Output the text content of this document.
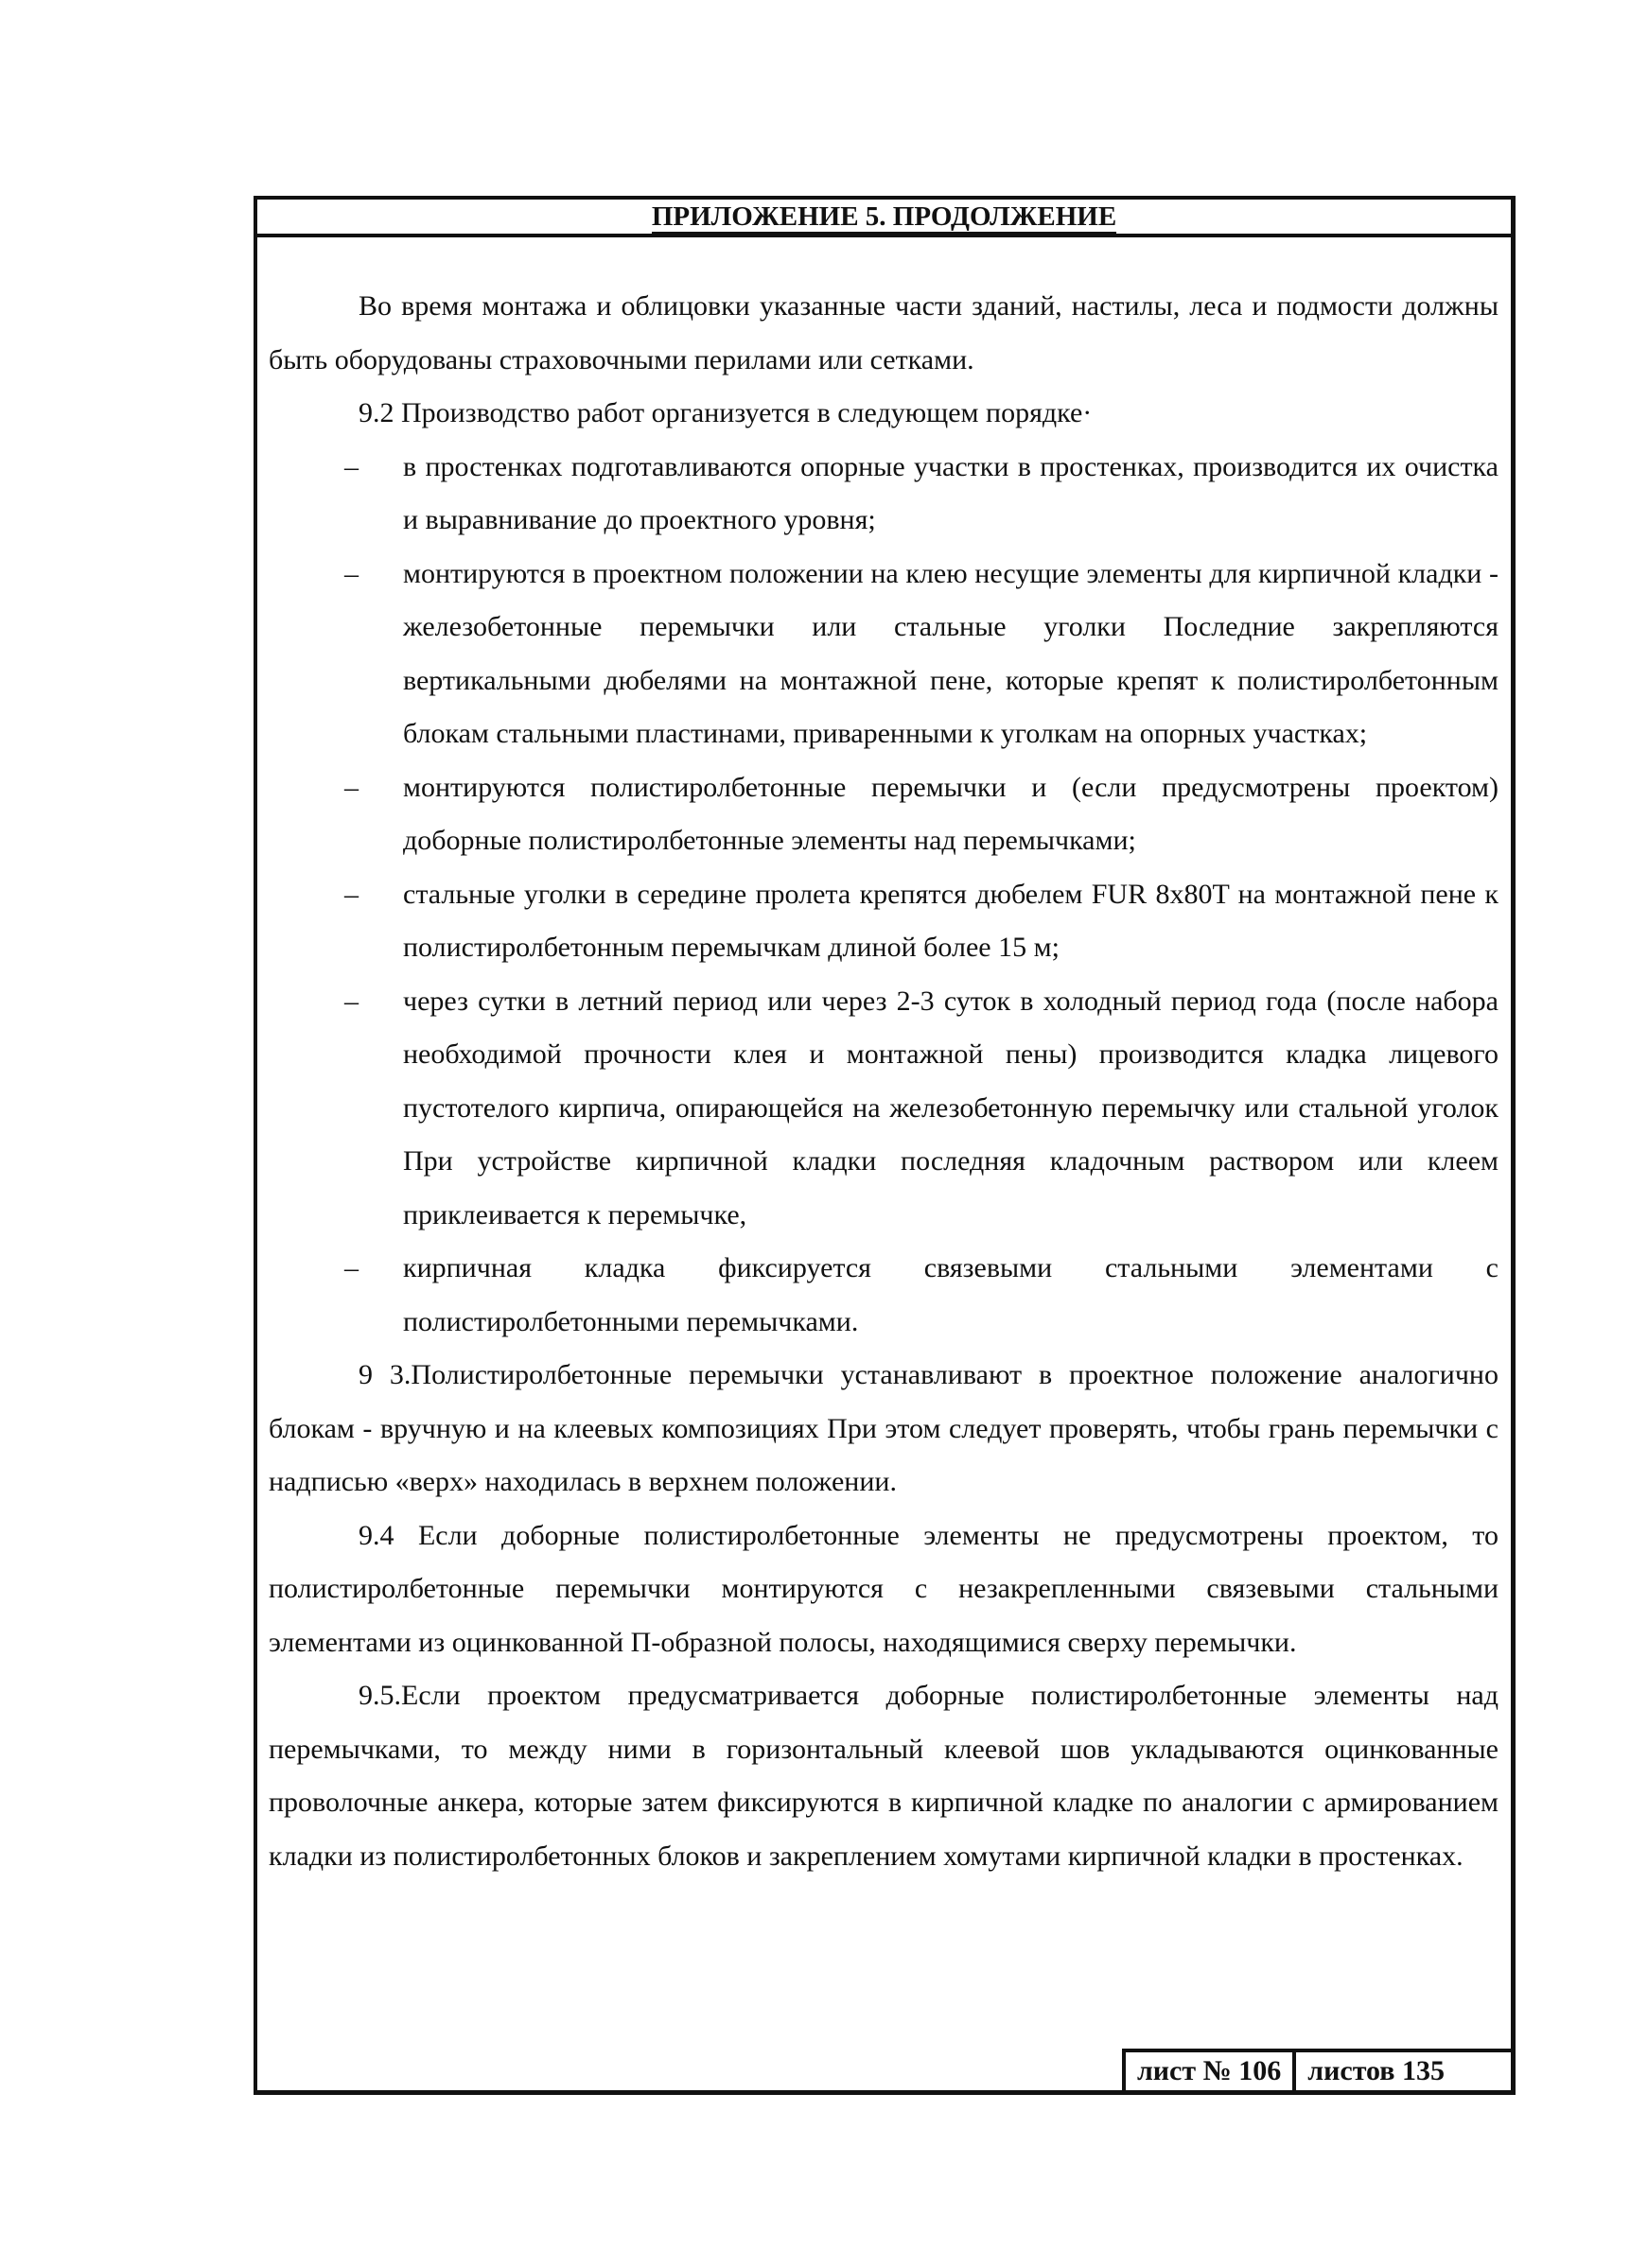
ПРИЛОЖЕНИЕ 5. ПРОДОЛЖЕНИЕ

Во время монтажа и облицовки указанные части зданий, настилы, леса и подмости должны быть оборудованы страховочными перилами или сетками.

9.2 Производство работ организуется в следующем порядке·

– в простенках подготавливаются опорные участки в простенках, производится их очистка и выравнивание до проектного уровня;
– монтируются в проектном положении на клею несущие элементы для кирпичной кладки - железобетонные перемычки или стальные уголки Последние закрепляются вертикальными дюбелями на монтажной пене, которые крепят к полистиролбетонным блокам стальными пластинами, приваренными к уголкам на опорных участках;
– монтируются полистиролбетонные перемычки и (если предусмотрены проектом) доборные полистиролбетонные элементы над перемычками;
– стальные уголки в середине пролета крепятся дюбелем FUR 8x80T на монтажной пене к полистиролбетонным перемычкам длиной более 15 м;
– через сутки в летний период или через 2-3 суток в холодный период года (после набора необходимой прочности клея и монтажной пены) производится кладка лицевого пустотелого кирпича, опирающейся на железобетонную перемычку или стальной уголок При устройстве кирпичной кладки последняя кладочным раствором или клеем приклеивается к перемычке,
– кирпичная кладка фиксируется связевыми стальными элементами с полистиролбетонными перемычками.

9 3.Полистиролбетонные перемычки устанавливают в проектное положение аналогично блокам - вручную и на клеевых композициях При этом следует проверять, чтобы грань перемычки с надписью «верх» находилась в верхнем положении.

9.4 Если доборные полистиролбетонные элементы не предусмотрены проектом, то полистиролбетонные перемычки монтируются с незакрепленными связевыми стальными элементами из оцинкованной П-образной полосы, находящимися сверху перемычки.

9.5.Если проектом предусматривается доборные полистиролбетонные элементы над перемычками, то между ними в горизонтальный клеевой шов укладываются оцинкованные проволочные анкера, которые затем фиксируются в кирпичной кладке по аналогии с армированием кладки из полистиролбетонных блоков и закреплением хомутами кирпичной кладки в простенках.

лист № 106 листов 135
